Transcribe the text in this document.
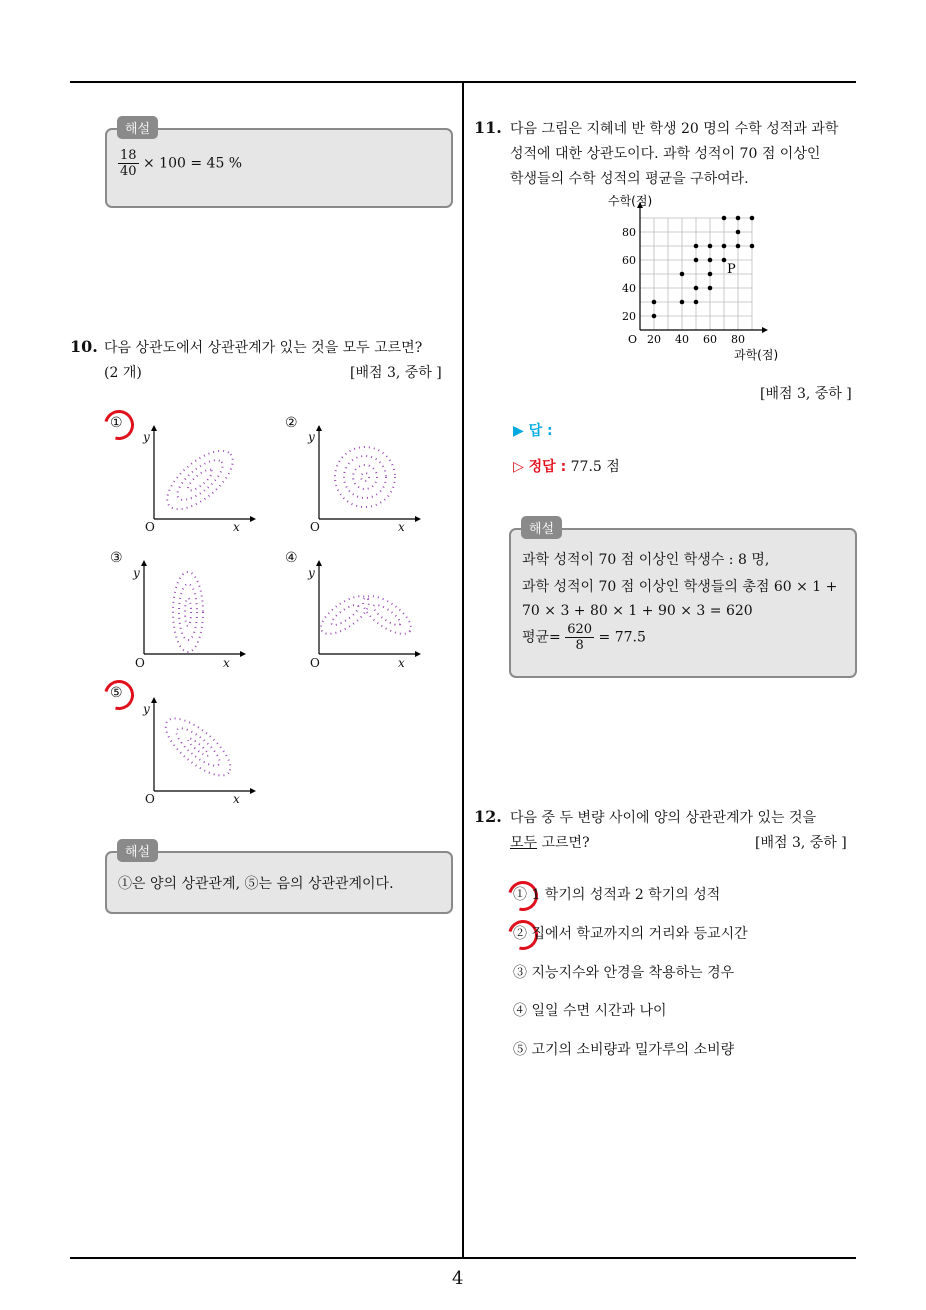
4
해설
$\frac{18}{40} \times 100 = 45$ %
10. 다음 상관도에서 상관관계가 있는 것을 모두 고르면?
(2 개)	[배점 3, 중하 ]
①
y
O	x
②
y
O	x
③
y
O	x
④
y
O	x
⑤
y
O	x
해설
①은 양의 상관관계, ⑤는 음의 상관관계이다.
11. 다음 그림은 지혜네 반 학생 20 명의 수학 성적과 과학
성적에 대한 상관도이다. 과학 성적이 70 점 이상인
학생들의 수학 성적의 평균을 구하여라.
20 40 60 80
20
40
60
80
O
과학(점)
수학(점)
P
[배점 3, 중하 ]
▶ 답 :
▷ 정답 : 77.5 점
해설
과학 성적이 70 점 이상인 학생수 : 8 명,
과학 성적이 70 점 이상인 학생들의 총점 60 × 1 +
70 × 3 + 80 × 1 + 90 × 3 = 620
평균= $\frac{620}{8} = 77.5$
12. 다음 중 두 변량 사이에 양의 상관관계가 있는 것을
모두 고르면?	[배점 3, 중하 ]
① 1 학기의 성적과 2 학기의 성적
② 집에서 학교까지의 거리와 등교시간
③ 지능지수와 안경을 착용하는 경우
④ 일일 수면 시간과 나이
⑤ 고기의 소비량과 밀가루의 소비량
